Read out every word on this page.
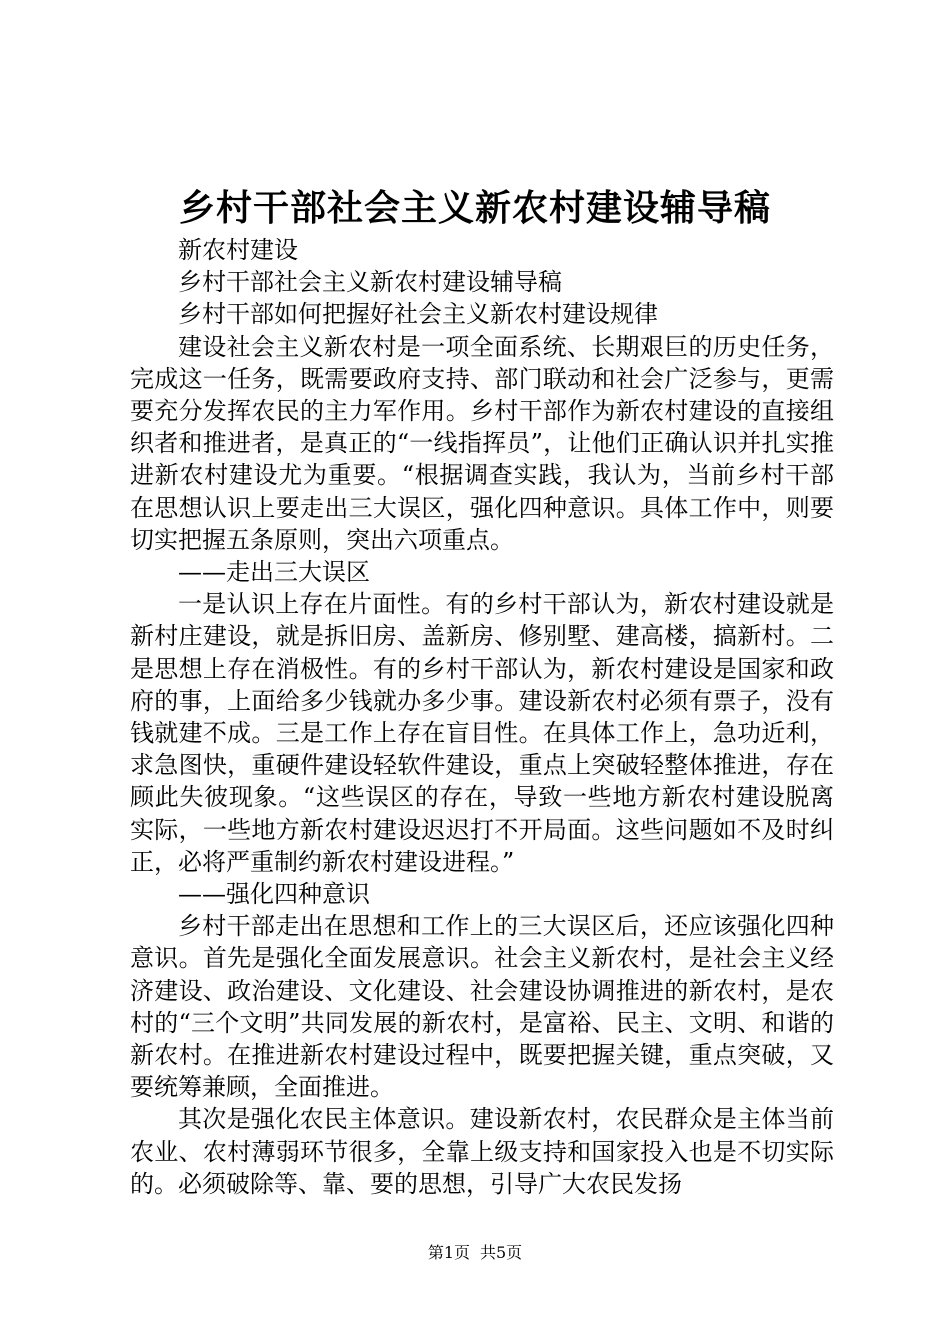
乡村干部社会主义新农村建设辅导稿

新农村建设

乡村干部社会主义新农村建设辅导稿

乡村干部如何把握好社会主义新农村建设规律

建设社会主义新农村是一项全面系统、长期艰巨的历史任务，完成这一任务，既需要政府支持、部门联动和社会广泛参与，更需要充分发挥农民的主力军作用。乡村干部作为新农村建设的直接组织者和推进者，是真正的“一线指挥员”，让他们正确认识并扎实推进新农村建设尤为重要。“根据调查实践，我认为，当前乡村干部在思想认识上要走出三大误区，强化四种意识。具体工作中，则要切实把握五条原则，突出六项重点。

——走出三大误区

一是认识上存在片面性。有的乡村干部认为，新农村建设就是新村庄建设，就是拆旧房、盖新房、修别墅、建高楼，搞新村。二是思想上存在消极性。有的乡村干部认为，新农村建设是国家和政府的事，上面给多少钱就办多少事。建设新农村必须有票子，没有钱就建不成。三是工作上存在盲目性。在具体工作上，急功近利，求急图快，重硬件建设轻软件建设，重点上突破轻整体推进，存在顾此失彼现象。“这些误区的存在，导致一些地方新农村建设脱离实际，一些地方新农村建设迟迟打不开局面。这些问题如不及时纠正，必将严重制约新农村建设进程。”

——强化四种意识

乡村干部走出在思想和工作上的三大误区后，还应该强化四种意识。首先是强化全面发展意识。社会主义新农村，是社会主义经济建设、政治建设、文化建设、社会建设协调推进的新农村，是农村的“三个文明”共同发展的新农村，是富裕、民主、文明、和谐的新农村。在推进新农村建设过程中，既要把握关键，重点突破，又要统筹兼顾，全面推进。

其次是强化农民主体意识。建设新农村，农民群众是主体当前农业、农村薄弱环节很多，全靠上级支持和国家投入也是不切实际的。必须破除等、靠、要的思想，引导广大农民发扬

第1页 共5页
